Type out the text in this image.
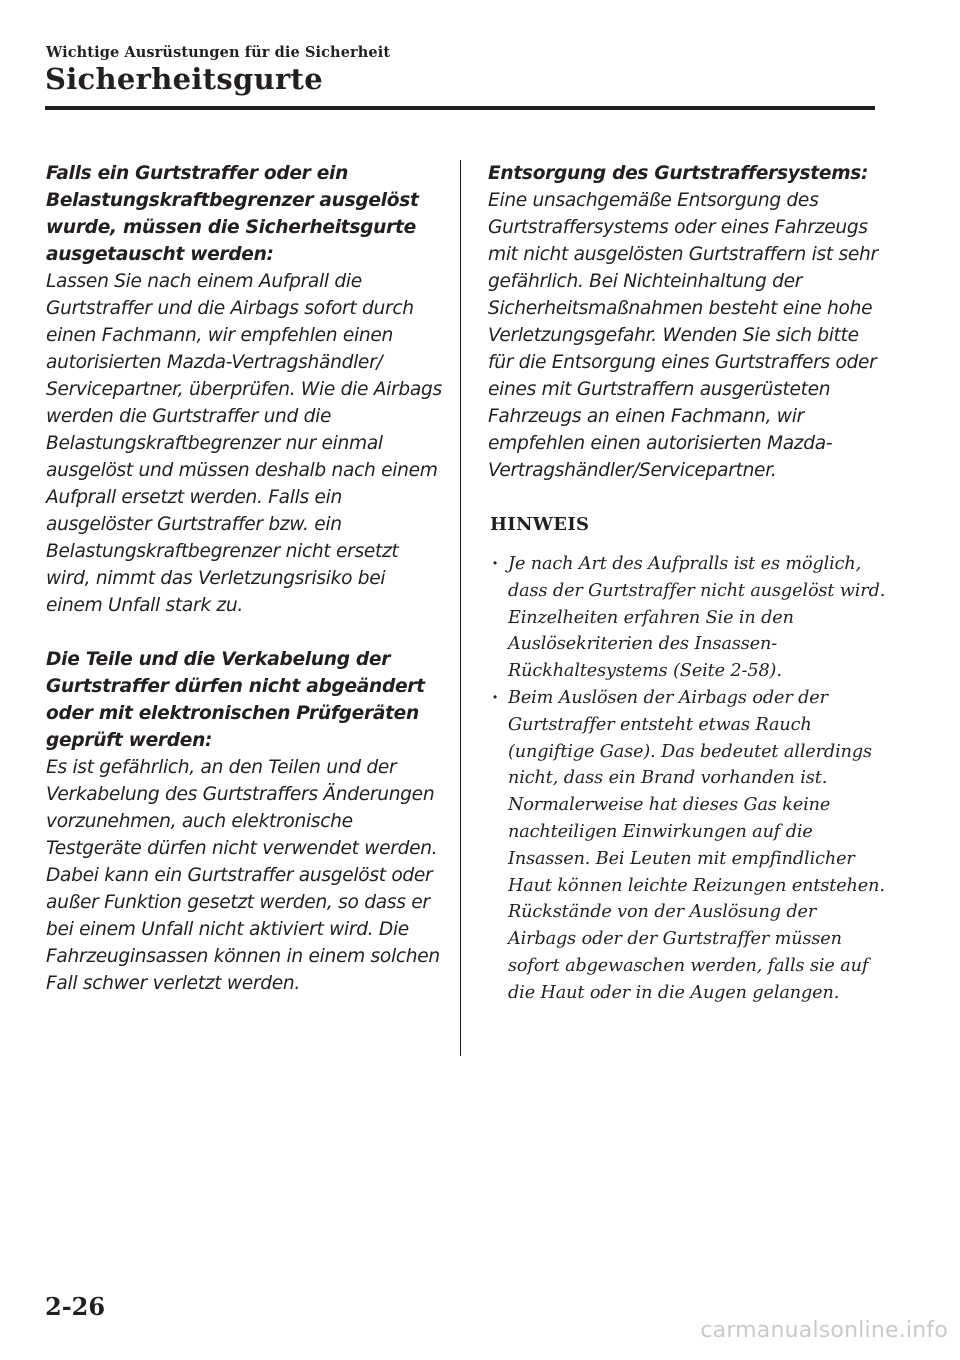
Wichtige Ausrüstungen für die Sicherheit
Sicherheitsgurte
Falls ein Gurtstraffer oder ein Belastungskraftbegrenzer ausgelöst wurde, müssen die Sicherheitsgurte ausgetauscht werden:
Lassen Sie nach einem Aufprall die Gurtstraffer und die Airbags sofort durch einen Fachmann, wir empfehlen einen autorisierten Mazda-Vertragshändler/ Servicepartner, überprüfen. Wie die Airbags werden die Gurtstraffer und die Belastungskraftbegrenzer nur einmal ausgelöst und müssen deshalb nach einem Aufprall ersetzt werden. Falls ein ausgelöster Gurtstraffer bzw. ein Belastungskraftbegrenzer nicht ersetzt wird, nimmt das Verletzungsrisiko bei einem Unfall stark zu.
Die Teile und die Verkabelung der Gurtstraffer dürfen nicht abgeändert oder mit elektronischen Prüfgeräten geprüft werden:
Es ist gefährlich, an den Teilen und der Verkabelung des Gurtstraffers Änderungen vorzunehmen, auch elektronische Testgeräte dürfen nicht verwendet werden. Dabei kann ein Gurtstraffer ausgelöst oder außer Funktion gesetzt werden, so dass er bei einem Unfall nicht aktiviert wird. Die Fahrzeuginsassen können in einem solchen Fall schwer verletzt werden.
Entsorgung des Gurtstraffersystems:
Eine unsachgemäße Entsorgung des Gurtstraffersystems oder eines Fahrzeugs mit nicht ausgelösten Gurtstraffern ist sehr gefährlich. Bei Nichteinhaltung der Sicherheitsmaßnahmen besteht eine hohe Verletzungsgefahr. Wenden Sie sich bitte für die Entsorgung eines Gurtstraffers oder eines mit Gurtstraffern ausgerüsteten Fahrzeugs an einen Fachmann, wir empfehlen einen autorisierten Mazda-Vertragshändler/Servicepartner.
HINWEIS
· Je nach Art des Aufpralls ist es möglich, dass der Gurtstraffer nicht ausgelöst wird. Einzelheiten erfahren Sie in den Auslösekriterien des Insassen-Rückhaltesystems (Seite 2-58).
· Beim Auslösen der Airbags oder der Gurtstraffer entsteht etwas Rauch (ungiftige Gase). Das bedeutet allerdings nicht, dass ein Brand vorhanden ist. Normalerweise hat dieses Gas keine nachteiligen Einwirkungen auf die Insassen. Bei Leuten mit empfindlicher Haut können leichte Reizungen entstehen. Rückstände von der Auslösung der Airbags oder der Gurtstraffer müssen sofort abgewaschen werden, falls sie auf die Haut oder in die Augen gelangen.
2-26
carmanualsonline.info
